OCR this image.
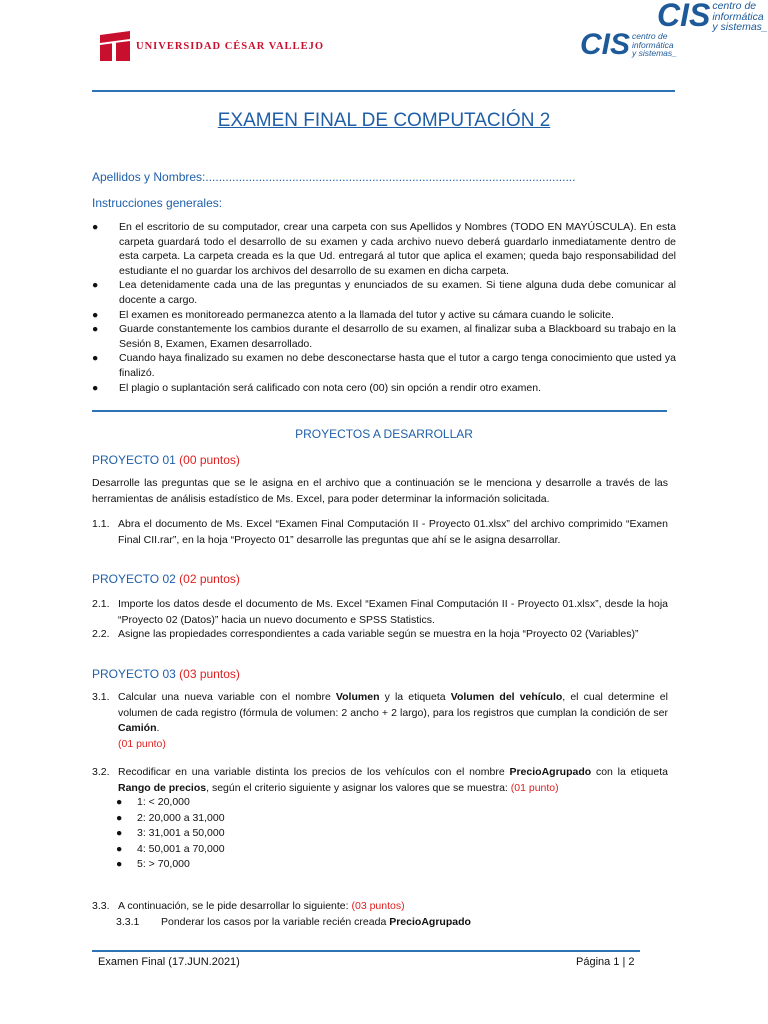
UNIVERSIDAD CÉSAR VALLEJO
CIS centro de
informática
y sistemas_
CIS centro de
informática
y sistemas_
EXAMEN FINAL DE COMPUTACIÓN 2
Apellidos y Nombres:...............................................................................................................
Instrucciones generales:
● En el escritorio de su computador, crear una carpeta con sus Apellidos y Nombres (TODO EN MAYÚSCULA). En esta carpeta guardará todo el desarrollo de su examen y cada archivo nuevo deberá guardarlo inmediatamente dentro de esta carpeta. La carpeta creada es la que Ud. entregará al tutor que aplica el examen; queda bajo responsabilidad del estudiante el no guardar los archivos del desarrollo de su examen en dicha carpeta.
● Lea detenidamente cada una de las preguntas y enunciados de su examen. Si tiene alguna duda debe comunicar al docente a cargo.
● El examen es monitoreado permanezca atento a la llamada del tutor y active su cámara cuando le solicite.
● Guarde constantemente los cambios durante el desarrollo de su examen, al finalizar suba a Blackboard su trabajo en la Sesión 8, Examen, Examen desarrollado.
● Cuando haya finalizado su examen no debe desconectarse hasta que el tutor a cargo tenga conocimiento que usted ya finalizó.
● El plagio o suplantación será calificado con nota cero (00) sin opción a rendir otro examen.
PROYECTOS A DESARROLLAR
PROYECTO 01 (00 puntos)
Desarrolle las preguntas que se le asigna en el archivo que a continuación se le menciona y desarrolle a través de las herramientas de análisis estadístico de Ms. Excel, para poder determinar la información solicitada.
1.1. Abra el documento de Ms. Excel “Examen Final Computación II - Proyecto 01.xlsx” del archivo comprimido “Examen Final CII.rar”, en la hoja “Proyecto 01” desarrolle las preguntas que ahí se le asigna desarrollar.
PROYECTO 02 (02 puntos)
2.1. Importe los datos desde el documento de Ms. Excel “Examen Final Computación II - Proyecto 01.xlsx”, desde la hoja “Proyecto 02 (Datos)” hacia un nuevo documento e SPSS Statistics.
2.2. Asigne las propiedades correspondientes a cada variable según se muestra en la hoja “Proyecto 02 (Variables)”
PROYECTO 03 (03 puntos)
3.1. Calcular una nueva variable con el nombre Volumen y la etiqueta Volumen del vehículo, el cual determine el volumen de cada registro (fórmula de volumen: 2 ancho + 2 largo), para los registros que cumplan la condición de ser Camión.
(01 punto)
3.2. Recodificar en una variable distinta los precios de los vehículos con el nombre PrecioAgrupado con la etiqueta Rango de precios, según el criterio siguiente y asignar los valores que se muestra: (01 punto)
● 1: < 20,000
● 2: 20,000 a 31,000
● 3: 31,001 a 50,000
● 4: 50,001 a 70,000
● 5: > 70,000
3.3. A continuación, se le pide desarrollar lo siguiente: (03 puntos)
3.3.1 Ponderar los casos por la variable recién creada PrecioAgrupado
Examen Final (17.JUN.2021)	Página 1 | 2
